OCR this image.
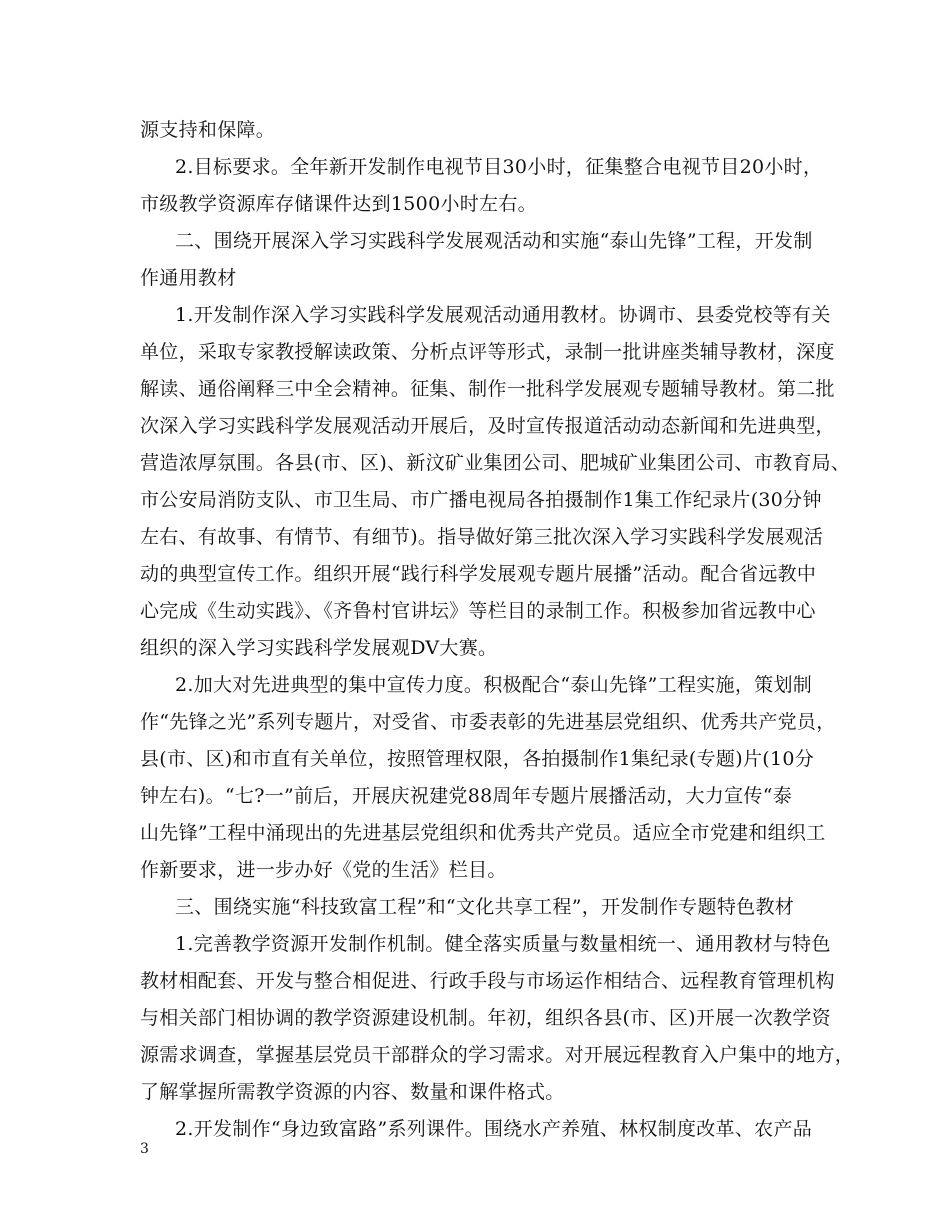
源支持和保障。
2.目标要求。全年新开发制作电视节目30小时，征集整合电视节目20小时，
市级教学资源库存储课件达到1500小时左右。
二、围绕开展深入学习实践科学发展观活动和实施“泰山先锋”工程，开发制
作通用教材
1.开发制作深入学习实践科学发展观活动通用教材。协调市、县委党校等有关
单位，采取专家教授解读政策、分析点评等形式，录制一批讲座类辅导教材，深度
解读、通俗阐释三中全会精神。征集、制作一批科学发展观专题辅导教材。第二批
次深入学习实践科学发展观活动开展后，及时宣传报道活动动态新闻和先进典型，
营造浓厚氛围。各县(市、区)、新汶矿业集团公司、肥城矿业集团公司、市教育局、
市公安局消防支队、市卫生局、市广播电视局各拍摄制作1集工作纪录片(30分钟
左右、有故事、有情节、有细节)。指导做好第三批次深入学习实践科学发展观活
动的典型宣传工作。组织开展“践行科学发展观专题片展播”活动。配合省远教中
心完成《生动实践》、《齐鲁村官讲坛》等栏目的录制工作。积极参加省远教中心
组织的深入学习实践科学发展观DV大赛。
2.加大对先进典型的集中宣传力度。积极配合“泰山先锋”工程实施，策划制
作“先锋之光”系列专题片，对受省、市委表彰的先进基层党组织、优秀共产党员，
县(市、区)和市直有关单位，按照管理权限，各拍摄制作1集纪录(专题)片(10分
钟左右)。“七?一”前后，开展庆祝建党88周年专题片展播活动，大力宣传“泰
山先锋”工程中涌现出的先进基层党组织和优秀共产党员。适应全市党建和组织工
作新要求，进一步办好《党的生活》栏目。
三、围绕实施“科技致富工程”和“文化共享工程”，开发制作专题特色教材
1.完善教学资源开发制作机制。健全落实质量与数量相统一、通用教材与特色
教材相配套、开发与整合相促进、行政手段与市场运作相结合、远程教育管理机构
与相关部门相协调的教学资源建设机制。年初，组织各县(市、区)开展一次教学资
源需求调查，掌握基层党员干部群众的学习需求。对开展远程教育入户集中的地方，
了解掌握所需教学资源的内容、数量和课件格式。
2.开发制作“身边致富路”系列课件。围绕水产养殖、林权制度改革、农产品
3
